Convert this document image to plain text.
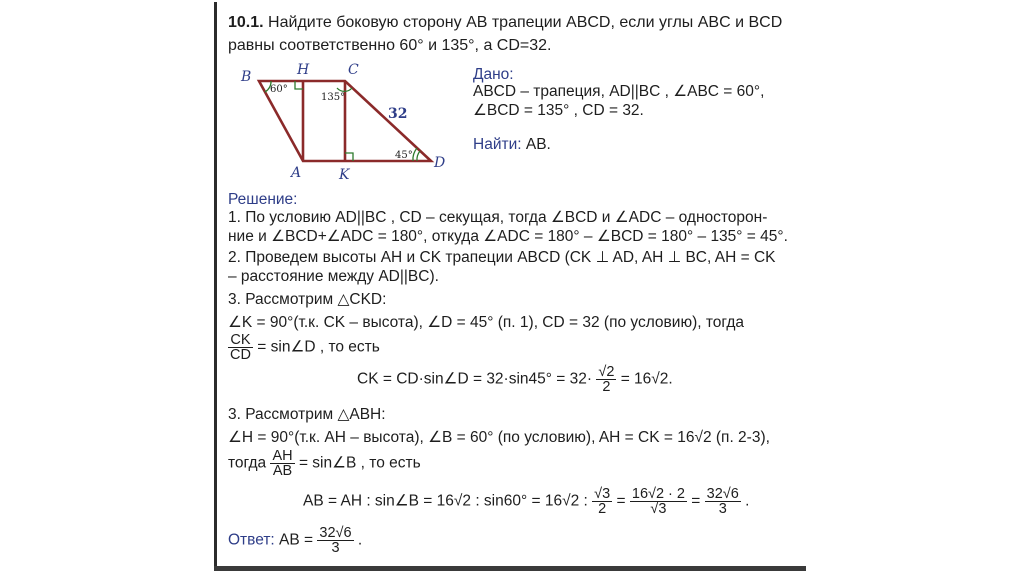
10.1. Найдите боковую сторону AB трапеции ABCD, если углы ABC и BCD
равны соответственно 60° и 135°, а CD=32.
B	H	C
A	K
D
60°
135°
45°
32
Дано:
ABCD – трапеция, AD||BC , ∠ABC = 60°,
∠BCD = 135° , CD = 32.
Найти: AB.
Решение:
1. По условию AD||BC , CD – секущая, тогда ∠BCD и ∠ADC – односторон-
ние и ∠BCD+∠ADC = 180°, откуда ∠ADC = 180° – ∠BCD = 180° – 135° = 45°.
2. Проведем высоты AH и CK трапеции ABCD (CK ⊥ AD, AH ⊥ BC, AH = CK
– расстояние между AD||BC).
3. Рассмотрим △CKD:
∠K = 90°(т.к. CK – высота), ∠D = 45° (п. 1), CD = 32 (по условию), тогда
$\frac{CK}{CD}$ = sin∠D , то есть
CK = CD·sin∠D = $32\cdot\sin 45^\circ = 32\cdot \frac{√2}{2} = 16√2$.
3. Рассмотрим △ABH:
∠H = 90°(т.к. AH – высота), ∠B = 60° (по условию), AH = CK = 16√2 (п. 2-3),
тогда $\frac{AH}{AB}$ = sin∠B , то есть
AB = AH : sin∠B = 16√2 : sin60° = 16√2 : $\frac{√3}{2} = \frac{16√2 \cdot 2}{√3} = \frac{32√6}{3}$ .
Ответ: AB = $\frac{32√6}{3}$ .
